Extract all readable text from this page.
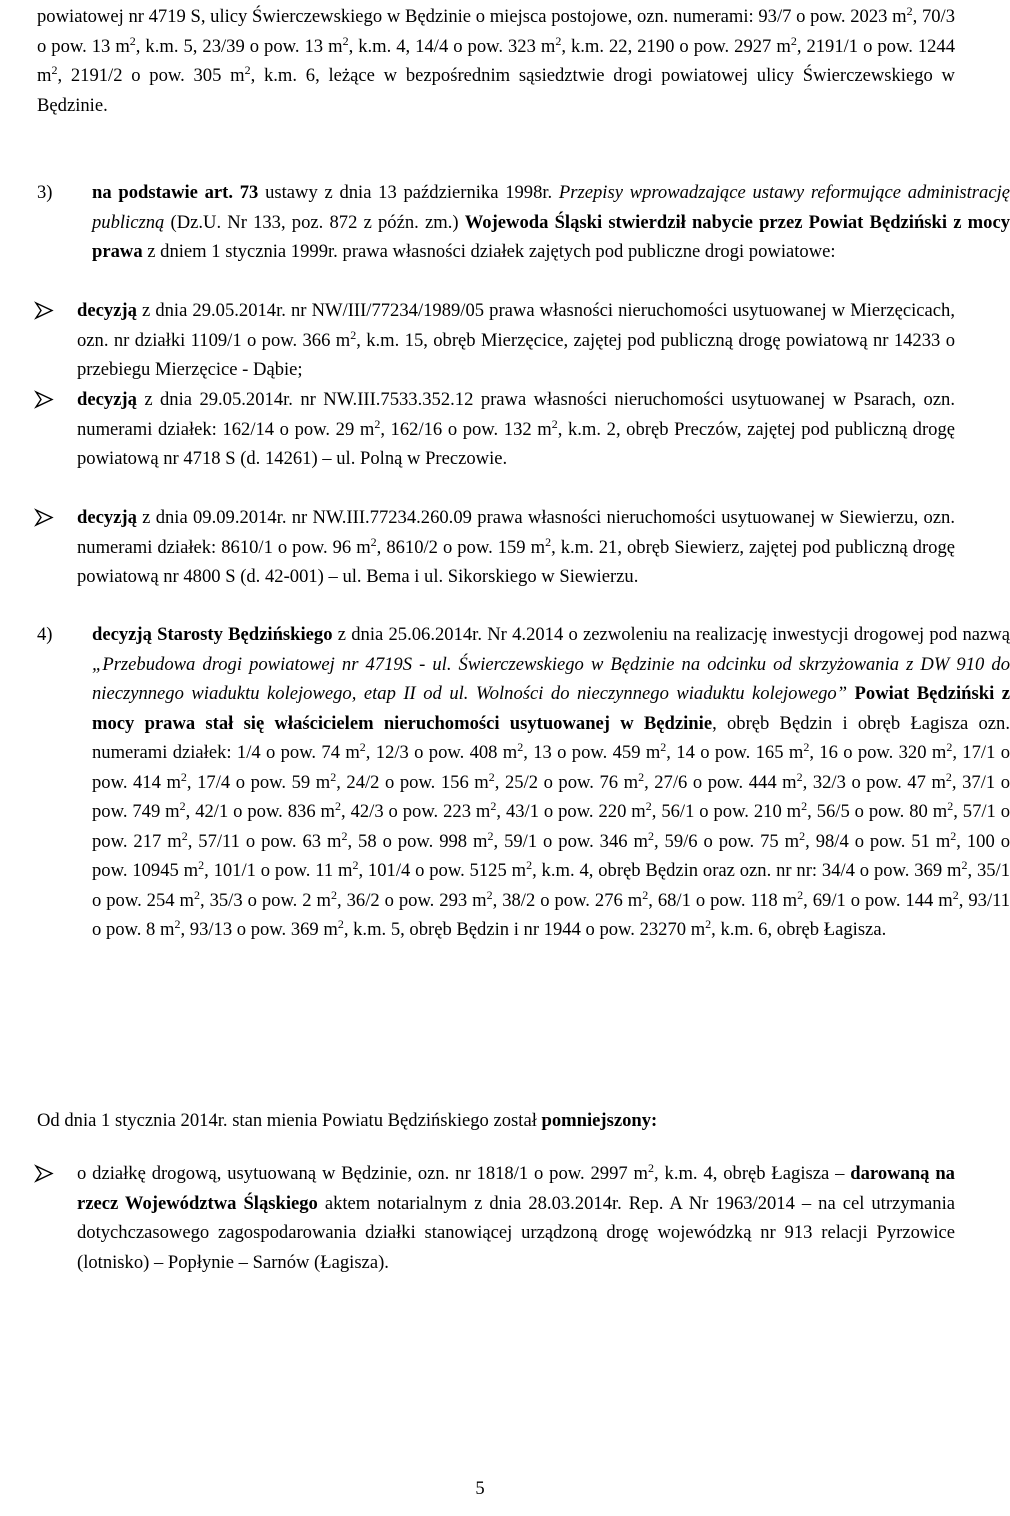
powiatowej nr 4719 S, ulicy Świerczewskiego w Będzinie o miejsca postojowe, ozn. numerami: 93/7 o pow. 2023 $m^2$, 70/3 o pow. 13 $m^2$, k.m. 5, 23/39 o pow. 13 $m^2$, k.m. 4, 14/4 o pow. 323 $m^2$, k.m. 22, 2190 o pow. 2927 $m^2$, 2191/1 o pow. 1244 $m^2$, 2191/2 o pow. 305 $m^2$, k.m. 6, leżące w bezpośrednim sąsiedztwie drogi powiatowej ulicy Świerczewskiego w Będzinie.
3) na podstawie art. 73 ustawy z dnia 13 października 1998r. Przepisy wprowadzające ustawy reformujące administrację publiczną (Dz.U. Nr 133, poz. 872 z późn. zm.) Wojewoda Śląski stwierdził nabycie przez Powiat Będziński z mocy prawa z dniem 1 stycznia 1999r. prawa własności działek zajętych pod publiczne drogi powiatowe:
decyzją z dnia 29.05.2014r. nr NW/III/77234/1989/05 prawa własności nieruchomości usytuowanej w Mierzęcicach, ozn. nr działki 1109/1 o pow. 366 $m^2$, k.m. 15, obręb Mierzęcice, zajętej pod publiczną drogę powiatową nr 14233 o przebiegu Mierzęcice - Dąbie;
decyzją z dnia 29.05.2014r. nr NW.III.7533.352.12 prawa własności nieruchomości usytuowanej w Psarach, ozn. numerami działek: 162/14 o pow. 29 $m^2$, 162/16 o pow. 132 $m^2$, k.m. 2, obręb Preczów, zajętej pod publiczną drogę powiatową nr 4718 S (d. 14261) – ul. Polną w Preczowie.
decyzją z dnia 09.09.2014r. nr NW.III.77234.260.09 prawa własności nieruchomości usytuowanej w Siewierzu, ozn. numerami działek: 8610/1 o pow. 96 $m^2$, 8610/2 o pow. 159 $m^2$, k.m. 21, obręb Siewierz, zajętej pod publiczną drogę powiatową nr 4800 S (d. 42-001) – ul. Bema i ul. Sikorskiego w Siewierzu.
4) decyzją Starosty Będzińskiego z dnia 25.06.2014r. Nr 4.2014 o zezwoleniu na realizację inwestycji drogowej pod nazwą „Przebudowa drogi powiatowej nr 4719S - ul. Świerczewskiego w Będzinie na odcinku od skrzyżowania z DW 910 do nieczynnego wiaduktu kolejowego, etap II od ul. Wolności do nieczynnego wiaduktu kolejowego” Powiat Będziński z mocy prawa stał się właścicielem nieruchomości usytuowanej w Będzinie, obręb Będzin i obręb Łagisza ozn. numerami działek: 1/4 o pow. 74 $m^2$, 12/3 o pow. 408 $m^2$, 13 o pow. 459 $m^2$, 14 o pow. 165 $m^2$, 16 o pow. 320 $m^2$, 17/1 o pow. 414 $m^2$, 17/4 o pow. 59 $m^2$, 24/2 o pow. 156 $m^2$, 25/2 o pow. 76 $m^2$, 27/6 o pow. 444 $m^2$, 32/3 o pow. 47 $m^2$, 37/1 o pow. 749 $m^2$, 42/1 o pow. 836 $m^2$, 42/3 o pow. 223 $m^2$, 43/1 o pow. 220 $m^2$, 56/1 o pow. 210 $m^2$, 56/5 o pow. 80 $m^2$, 57/1 o pow. 217 $m^2$, 57/11 o pow. 63 $m^2$, 58 o pow. 998 $m^2$, 59/1 o pow. 346 $m^2$, 59/6 o pow. 75 $m^2$, 98/4 o pow. 51 $m^2$, 100 o pow. 10945 $m^2$, 101/1 o pow. 11 $m^2$, 101/4 o pow. 5125 $m^2$, k.m. 4, obręb Będzin oraz ozn. nr nr: 34/4 o pow. 369 $m^2$, 35/1 o pow. 254 $m^2$, 35/3 o pow. 2 $m^2$, 36/2 o pow. 293 $m^2$, 38/2 o pow. 276 $m^2$, 68/1 o pow. 118 $m^2$, 69/1 o pow. 144 $m^2$, 93/11 o pow. 8 $m^2$, 93/13 o pow. 369 $m^2$, k.m. 5, obręb Będzin i nr 1944 o pow. 23270 $m^2$, k.m. 6, obręb Łagisza.
Od dnia 1 stycznia 2014r. stan mienia Powiatu Będzińskiego został pomniejszony:
o działkę drogową, usytuowaną w Będzinie, ozn. nr 1818/1 o pow. 2997 $m^2$, k.m. 4, obręb Łagisza – darowaną na rzecz Województwa Śląskiego aktem notarialnym z dnia 28.03.2014r. Rep. A Nr 1963/2014 – na cel utrzymania dotychczasowego zagospodarowania działki stanowiącej urządzoną drogę wojewódzką nr 913 relacji Pyrzowice (lotnisko) – Popłynie – Sarnów (Łagisza).
5
